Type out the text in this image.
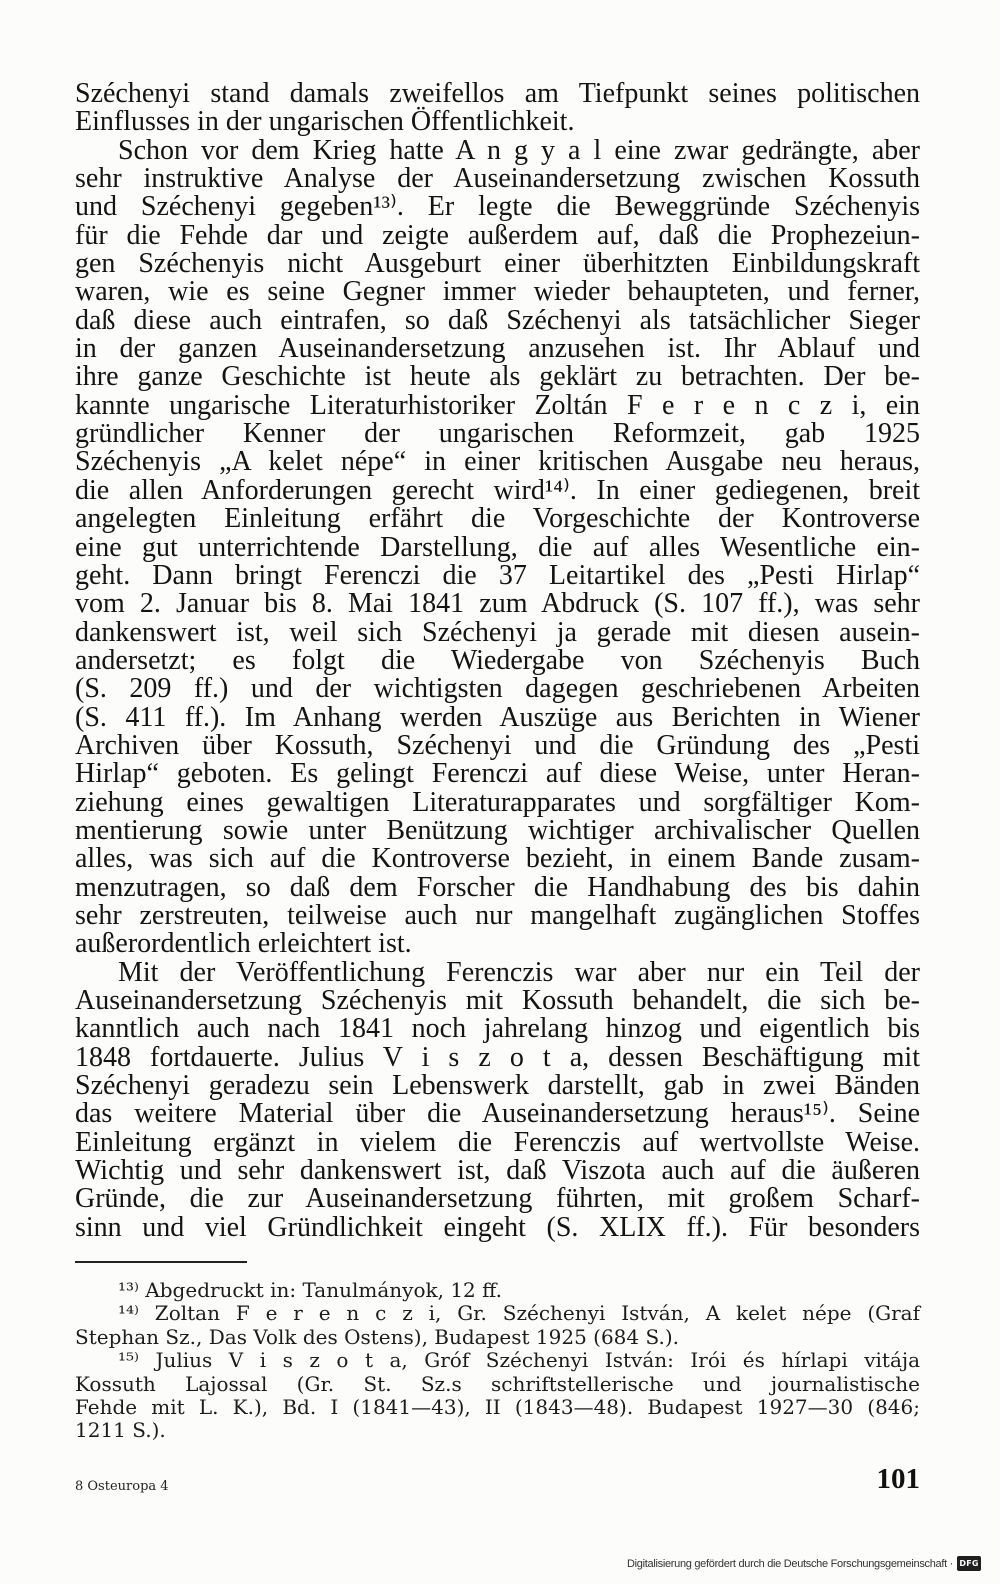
Széchenyi stand damals zweifellos am Tiefpunkt seines politischen
Einflusses in der ungarischen Öffentlichkeit.
Schon vor dem Krieg hatte A n g y a l eine zwar gedrängte, aber
sehr instruktive Analyse der Auseinandersetzung zwischen Kossuth
und Széchenyi gegeben¹³⁾. Er legte die Beweggründe Széchenyis
für die Fehde dar und zeigte außerdem auf, daß die Prophezeiun-
gen Széchenyis nicht Ausgeburt einer überhitzten Einbildungskraft
waren, wie es seine Gegner immer wieder behaupteten, und ferner,
daß diese auch eintrafen, so daß Széchenyi als tatsächlicher Sieger
in der ganzen Auseinandersetzung anzusehen ist. Ihr Ablauf und
ihre ganze Geschichte ist heute als geklärt zu betrachten. Der be-
kannte ungarische Literaturhistoriker Zoltán F e r e n c z i, ein
gründlicher Kenner der ungarischen Reformzeit, gab 1925
Széchenyis „A kelet népe“ in einer kritischen Ausgabe neu heraus,
die allen Anforderungen gerecht wird¹⁴⁾. In einer gediegenen, breit
angelegten Einleitung erfährt die Vorgeschichte der Kontroverse
eine gut unterrichtende Darstellung, die auf alles Wesentliche ein-
geht. Dann bringt Ferenczi die 37 Leitartikel des „Pesti Hirlap“
vom 2. Januar bis 8. Mai 1841 zum Abdruck (S. 107 ff.), was sehr
dankenswert ist, weil sich Széchenyi ja gerade mit diesen ausein-
andersetzt; es folgt die Wiedergabe von Széchenyis Buch
(S. 209 ff.) und der wichtigsten dagegen geschriebenen Arbeiten
(S. 411 ff.). Im Anhang werden Auszüge aus Berichten in Wiener
Archiven über Kossuth, Széchenyi und die Gründung des „Pesti
Hirlap“ geboten. Es gelingt Ferenczi auf diese Weise, unter Heran-
ziehung eines gewaltigen Literaturapparates und sorgfältiger Kom-
mentierung sowie unter Benützung wichtiger archivalischer Quellen
alles, was sich auf die Kontroverse bezieht, in einem Bande zusam-
menzutragen, so daß dem Forscher die Handhabung des bis dahin
sehr zerstreuten, teilweise auch nur mangelhaft zugänglichen Stoffes
außerordentlich erleichtert ist.
Mit der Veröffentlichung Ferenczis war aber nur ein Teil der
Auseinandersetzung Széchenyis mit Kossuth behandelt, die sich be-
kanntlich auch nach 1841 noch jahrelang hinzog und eigentlich bis
1848 fortdauerte. Julius V i s z o t a, dessen Beschäftigung mit
Széchenyi geradezu sein Lebenswerk darstellt, gab in zwei Bänden
das weitere Material über die Auseinandersetzung heraus¹⁵⁾. Seine
Einleitung ergänzt in vielem die Ferenczis auf wertvollste Weise.
Wichtig und sehr dankenswert ist, daß Viszota auch auf die äußeren
Gründe, die zur Auseinandersetzung führten, mit großem Scharf-
sinn und viel Gründlichkeit eingeht (S. XLIX ff.). Für besonders
¹³⁾ Abgedruckt in: Tanulmányok, 12 ff.
¹⁴⁾ Zoltan F e r e n c z i, Gr. Széchenyi István, A kelet népe (Graf
Stephan Sz., Das Volk des Ostens), Budapest 1925 (684 S.).
¹⁵⁾ Julius V i s z o t a, Gróf Széchenyi István: Irói és hírlapi vitája
Kossuth Lajossal (Gr. St. Sz.s schriftstellerische und journalistische
Fehde mit L. K.), Bd. I (1841—43), II (1843—48). Budapest 1927—30 (846;
1211 S.).
8 Osteuropa 4	101
Digitalisierung gefördert durch die Deutsche Forschungsgemeinschaft · DFG
